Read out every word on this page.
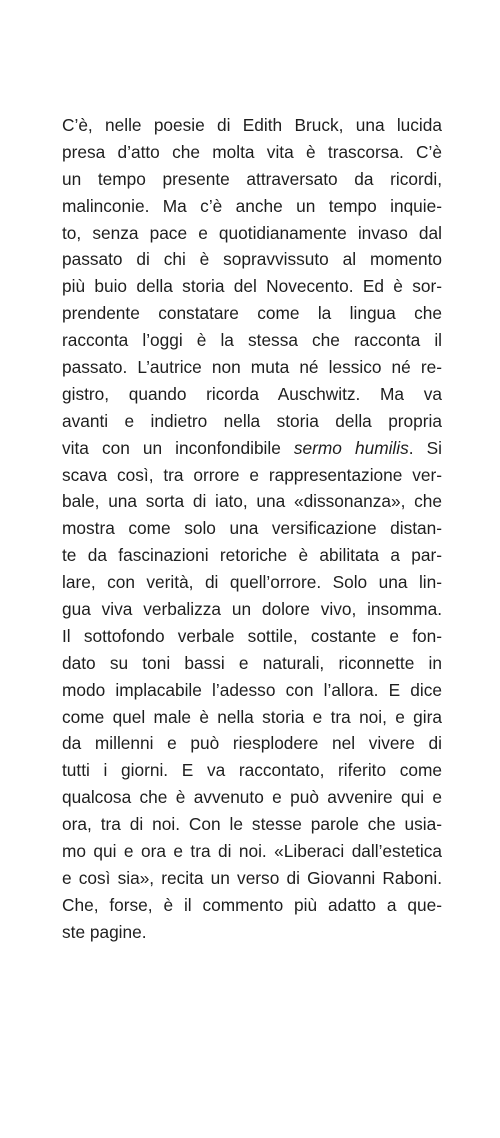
C’è, nelle poesie di Edith Bruck, una lucida
presa d’atto che molta vita è trascorsa. C’è
un tempo presente attraversato da ricordi,
malinconie. Ma c’è anche un tempo inquie-
to, senza pace e quotidianamente invaso dal
passato di chi è sopravvissuto al momento
più buio della storia del Novecento. Ed è sor-
prendente constatare come la lingua che
racconta l’oggi è la stessa che racconta il
passato. L’autrice non muta né lessico né re-
gistro, quando ricorda Auschwitz. Ma va
avanti e indietro nella storia della propria
vita con un inconfondibile sermo humilis. Si
scava così, tra orrore e rappresentazione ver-
bale, una sorta di iato, una «dissonanza», che
mostra come solo una versificazione distan-
te da fascinazioni retoriche è abilitata a par-
lare, con verità, di quell’orrore. Solo una lin-
gua viva verbalizza un dolore vivo, insomma.
Il sottofondo verbale sottile, costante e fon-
dato su toni bassi e naturali, riconnette in
modo implacabile l’adesso con l’allora. E dice
come quel male è nella storia e tra noi, e gira
da millenni e può riesplodere nel vivere di
tutti i giorni. E va raccontato, riferito come
qualcosa che è avvenuto e può avvenire qui e
ora, tra di noi. Con le stesse parole che usia-
mo qui e ora e tra di noi. «Liberaci dall’estetica
e così sia», recita un verso di Giovanni Raboni.
Che, forse, è il commento più adatto a que-
ste pagine.
